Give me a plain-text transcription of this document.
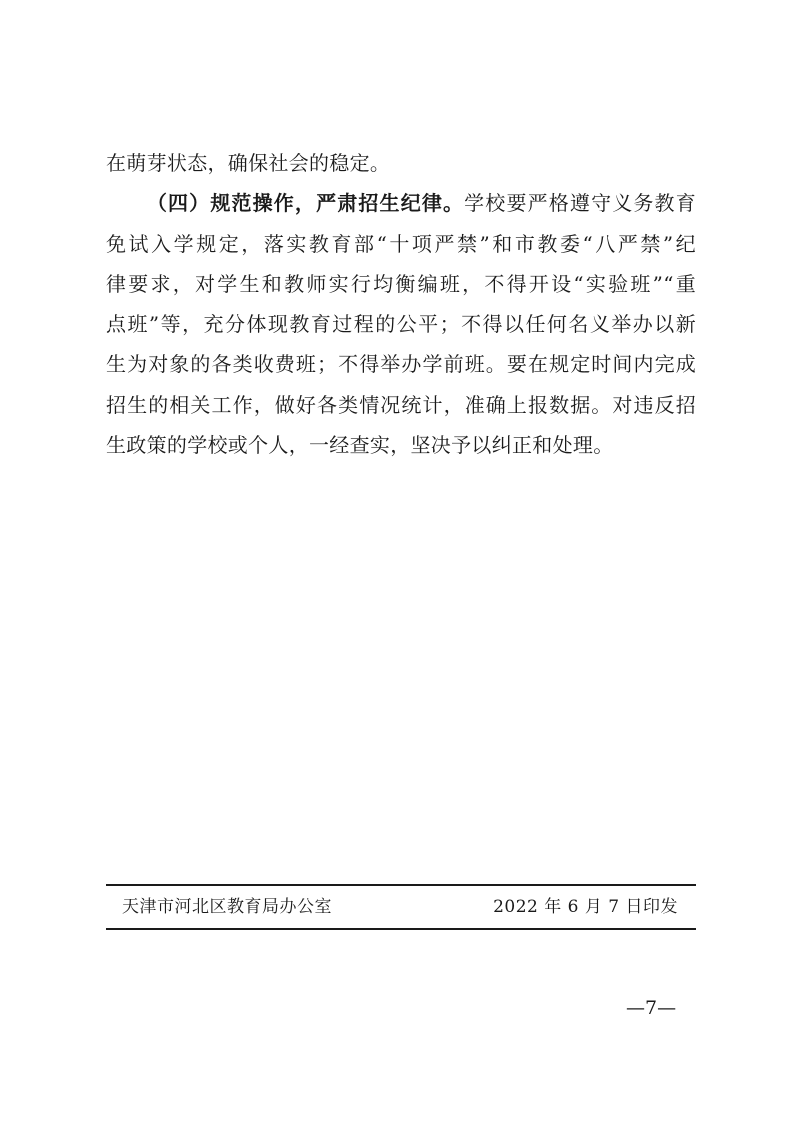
在萌芽状态，确保社会的稳定。
（四）规范操作，严肃招生纪律。学校要严格遵守义务教育
免试入学规定，落实教育部“十项严禁”和市教委“八严禁”纪
律要求，对学生和教师实行均衡编班，不得开设“实验班”“重
点班”等，充分体现教育过程的公平；不得以任何名义举办以新
生为对象的各类收费班；不得举办学前班。要在规定时间内完成
招生的相关工作，做好各类情况统计，准确上报数据。对违反招
生政策的学校或个人，一经查实，坚决予以纠正和处理。
天津市河北区教育局办公室	2022 年 6 月 7 日印发
—7—
